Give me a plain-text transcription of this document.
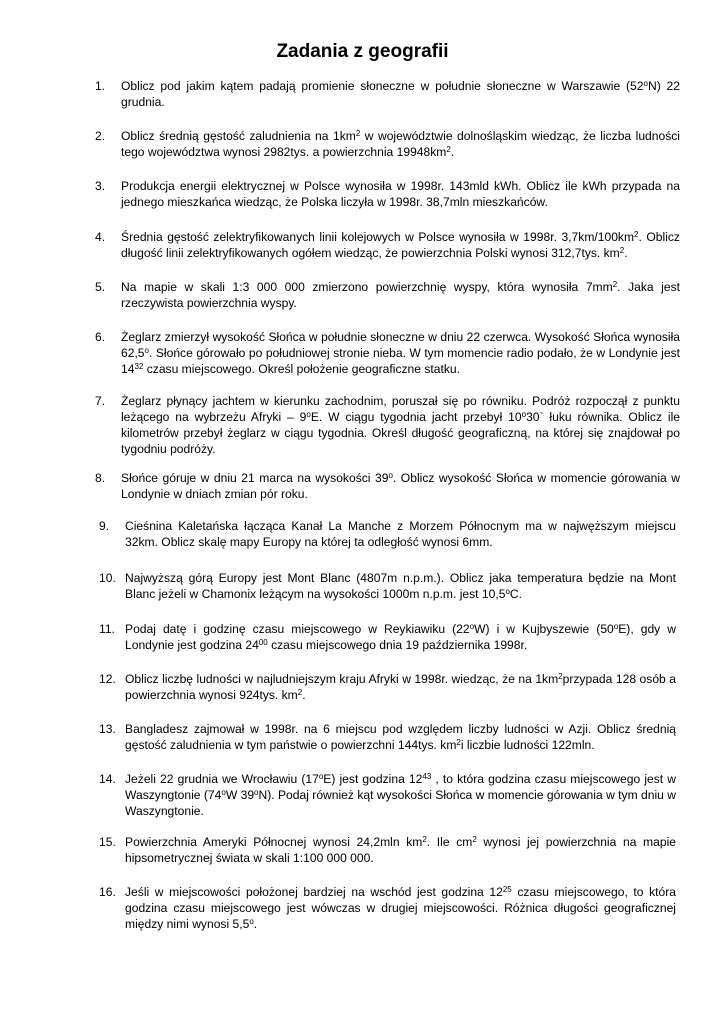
Zadania z geografii
1.	Oblicz pod jakim kątem padają promienie słoneczne w południe słoneczne w Warszawie (52$^o$N) 22 grudnia.
2.	Oblicz średnią gęstość zaludnienia na $1km^2$ w województwie dolnośląskim wiedząc, że liczba ludności tego województwa wynosi 2982tys. a powierzchnia $19948km^2$.
3.	Produkcja energii elektrycznej w Polsce wynosiła w 1998r. 143mld kWh. Oblicz ile kWh przypada na jednego mieszkańca wiedząc, że Polska liczyła w 1998r. 38,7mln mieszkańców.
4.	Średnia gęstość zelektryfikowanych linii kolejowych w Polsce wynosiła w 1998r. $3,7km/100km^2$. Oblicz długość linii zelektryfikowanych ogółem wiedząc, że powierzchnia Polski wynosi 312,7tys. $km^2$.
5.	Na mapie w skali 1:3 000 000 zmierzono powierzchnię wyspy, która wynosiła $7mm^2$. Jaka jest rzeczywista powierzchnia wyspy.
6.	Żeglarz zmierzył wysokość Słońca w południe słoneczne w dniu 22 czerwca. Wysokość Słońca wynosiła 62,5$^o$. Słońce górowało po południowej stronie nieba. W tym momencie radio podało, że w Londynie jest $14^{32}$ czasu miejscowego. Określ położenie geograficzne statku.
7.	Żeglarz płynący jachtem w kierunku zachodnim, poruszał się po równiku. Podróż rozpoczął z punktu leżącego na wybrzeżu Afryki – 9$^o$E. W ciągu tygodnia jacht przebył 10$^o$30` łuku równika. Oblicz ile kilometrów przebył żeglarz w ciągu tygodnia. Określ długość geograficzną, na której się znajdował po tygodniu podróży.
8.	Słońce góruje w dniu 21 marca na wysokości 39$^o$. Oblicz wysokość Słońca w momencie górowania w Londynie w dniach zmian pór roku.
9.	Cieśnina Kaletańska łącząca Kanał La Manche z Morzem Północnym ma w najwęższym miejscu 32km. Oblicz skalę mapy Europy na której ta odległość wynosi 6mm.
10. Najwyższą górą Europy jest Mont Blanc (4807m n.p.m.). Oblicz jaka temperatura będzie na Mont Blanc jeżeli w Chamonix leżącym na wysokości 1000m n.p.m. jest 10,5$^o$C.
11. Podaj datę i godzinę czasu miejscowego w Reykiawiku (22$^o$W) i w Kujbyszewie (50$^o$E), gdy w Londynie jest godzina $24^{00}$ czasu miejscowego dnia 19 października 1998r.
12. Oblicz liczbę ludności w najludniejszym kraju Afryki w 1998r. wiedząc, że na $1km^2przypada$ 128 osób a powierzchnia wynosi 924tys. $km^2$.
13. Bangladesz zajmował w 1998r. na 6 miejscu pod względem liczby ludności w Azji. Oblicz średnią gęstość zaludnienia w tym państwie o powierzchni 144tys. $km^2i$ liczbie ludności 122mln.
14. Jeżeli 22 grudnia we Wrocławiu (17$^o$E) jest godzina $12^{43}$ , to która godzina czasu miejscowego jest w Waszyngtonie (74$^o$W 39$^o$N). Podaj również kąt wysokości Słońca w momencie górowania w tym dniu w Waszyngtonie.
15. Powierzchnia Ameryki Północnej wynosi 24,2mln $km^2$. Ile $cm^2$ wynosi jej powierzchnia na mapie hipsometrycznej świata w skali 1:100 000 000.
16. Jeśli w miejscowości położonej bardziej na wschód jest godzina $12^{25}$ czasu miejscowego, to która godzina czasu miejscowego jest wówczas w drugiej miejscowości. Różnica długości geograficznej między nimi wynosi 5,5$^o$.
